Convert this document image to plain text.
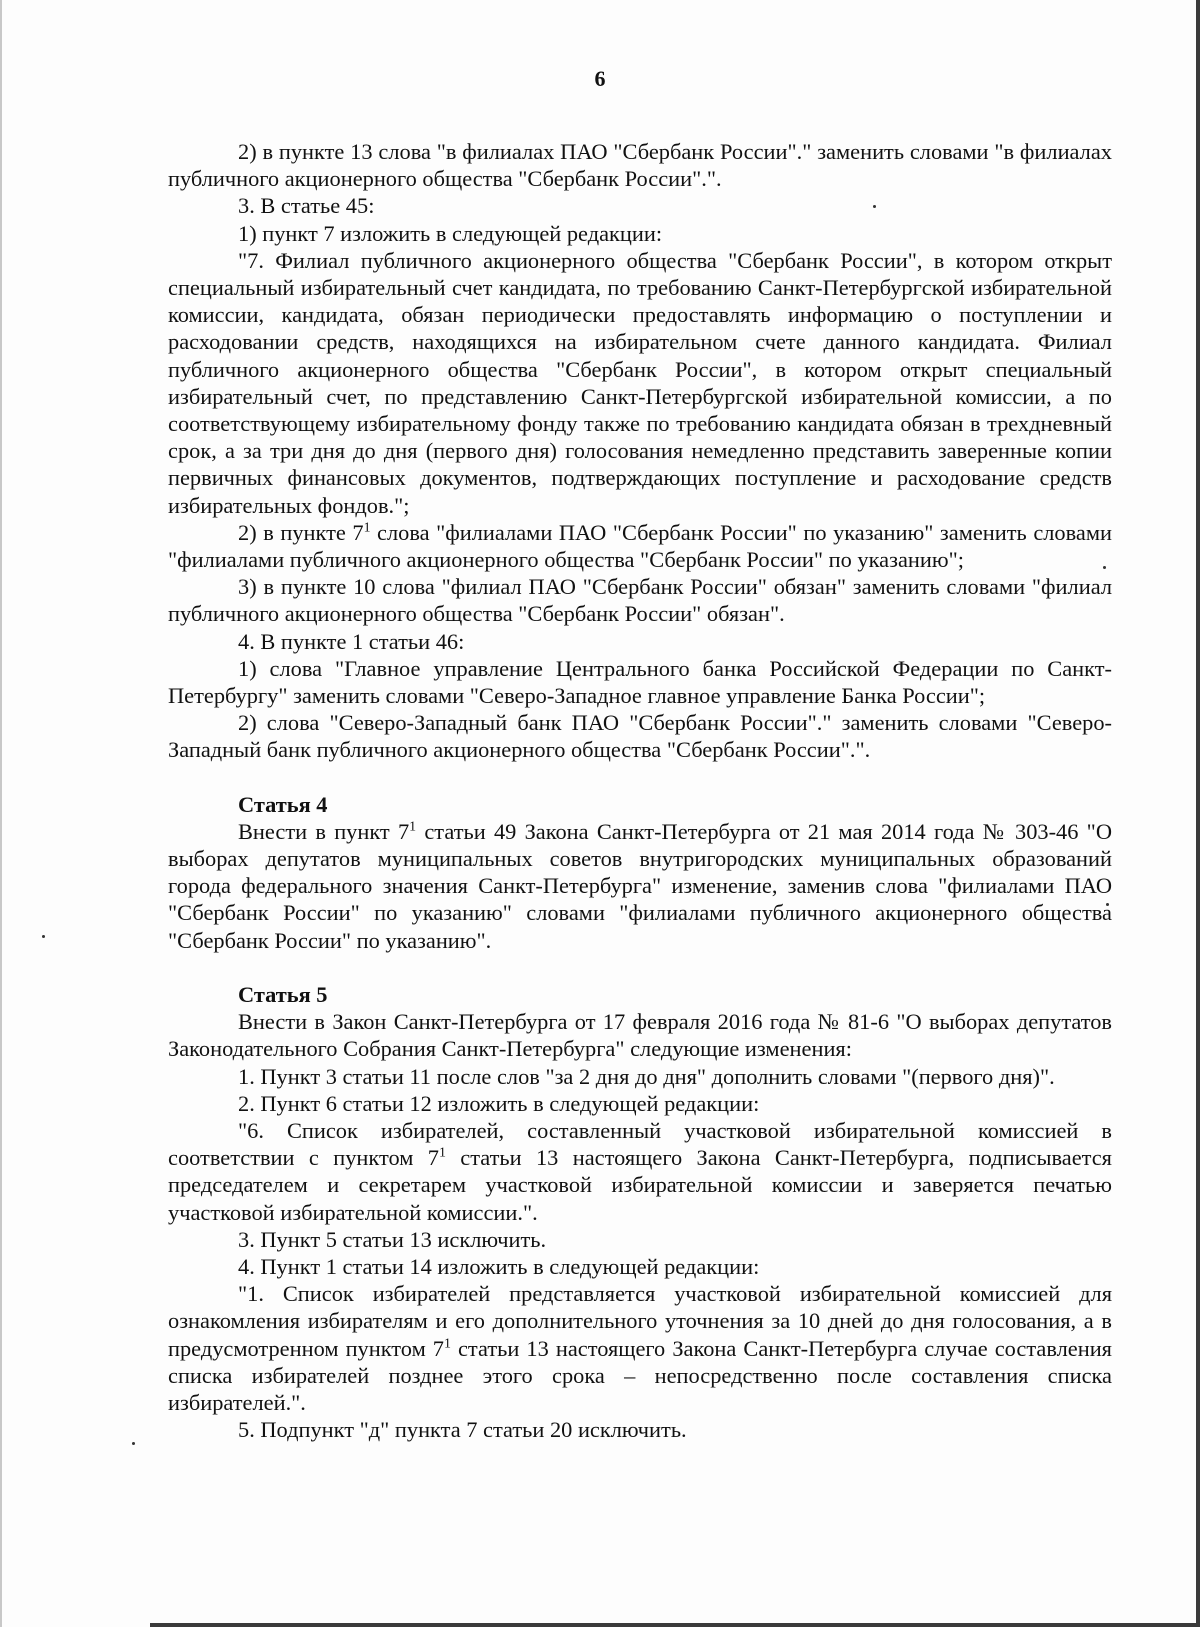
6

2) в пункте 13 слова "в филиалах ПАО "Сбербанк России"." заменить словами "в филиалах публичного акционерного общества "Сбербанк России".".

3. В статье 45:

1) пункт 7 изложить в следующей редакции:

"7. Филиал публичного акционерного общества "Сбербанк России", в котором открыт специальный избирательный счет кандидата, по требованию Санкт-Петербургской избирательной комиссии, кандидата, обязан периодически предоставлять информацию о поступлении и расходовании средств, находящихся на избирательном счете данного кандидата. Филиал публичного акционерного общества "Сбербанк России", в котором открыт специальный избирательный счет, по представлению Санкт-Петербургской избирательной комиссии, а по соответствующему избирательному фонду также по требованию кандидата обязан в трехдневный срок, а за три дня до дня (первого дня) голосования немедленно представить заверенные копии первичных финансовых документов, подтверждающих поступление и расходование средств избирательных фондов.";

2) в пункте $7^1$ слова "филиалами ПАО "Сбербанк России" по указанию" заменить словами "филиалами публичного акционерного общества "Сбербанк России" по указанию";

3) в пункте 10 слова "филиал ПАО "Сбербанк России" обязан" заменить словами "филиал публичного акционерного общества "Сбербанк России" обязан".

4. В пункте 1 статьи 46:

1) слова "Главное управление Центрального банка Российской Федерации по Санкт-Петербургу" заменить словами "Северо-Западное главное управление Банка России";

2) слова "Северо-Западный банк ПАО "Сбербанк России"." заменить словами "Северо-Западный банк публичного акционерного общества "Сбербанк России".".

Статья 4

Внести в пункт $7^1$ статьи 49 Закона Санкт-Петербурга от 21 мая 2014 года № 303-46 "О выборах депутатов муниципальных советов внутригородских муниципальных образований города федерального значения Санкт-Петербурга" изменение, заменив слова "филиалами ПАО "Сбербанк России" по указанию" словами "филиалами публичного акционерного общества "Сбербанк России" по указанию".

Статья 5

Внести в Закон Санкт-Петербурга от 17 февраля 2016 года № 81-6 "О выборах депутатов Законодательного Собрания Санкт-Петербурга" следующие изменения:

1. Пункт 3 статьи 11 после слов "за 2 дня до дня" дополнить словами "(первого дня)".

2. Пункт 6 статьи 12 изложить в следующей редакции:

"6. Список избирателей, составленный участковой избирательной комиссией в соответствии с пунктом $7^1$ статьи 13 настоящего Закона Санкт-Петербурга, подписывается председателем и секретарем участковой избирательной комиссии и заверяется печатью участковой избирательной комиссии.".

3. Пункт 5 статьи 13 исключить.

4. Пункт 1 статьи 14 изложить в следующей редакции:

"1. Список избирателей представляется участковой избирательной комиссией для ознакомления избирателям и его дополнительного уточнения за 10 дней до дня голосования, а в предусмотренном пунктом $7^1$ статьи 13 настоящего Закона Санкт-Петербурга случае составления списка избирателей позднее этого срока – непосредственно после составления списка избирателей.".

5. Подпункт "д" пункта 7 статьи 20 исключить.
